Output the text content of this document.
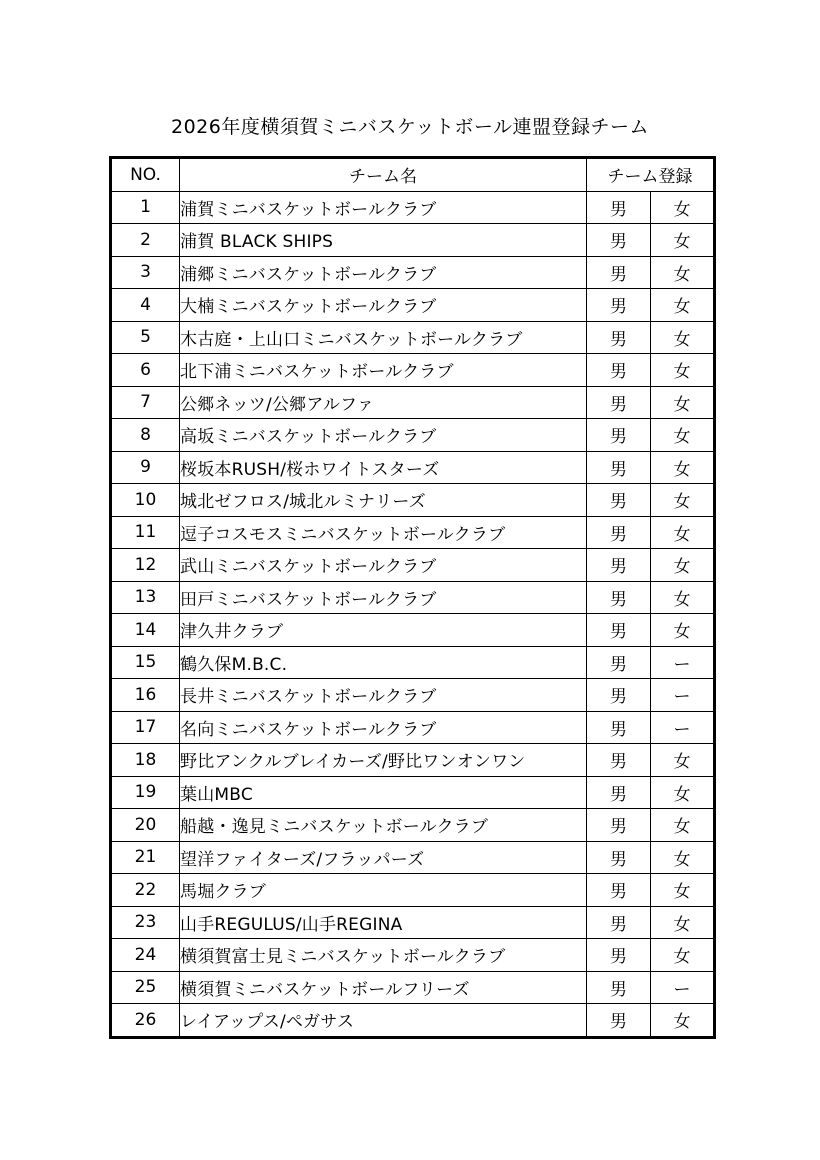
2026年度横須賀ミニバスケットボール連盟登録チーム
NO.	チーム名	チーム登録	
1	浦賀ミニバスケットボールクラブ	男	女
2	浦賀 BLACK SHIPS	男	女
3	浦郷ミニバスケットボールクラブ	男	女
4	大楠ミニバスケットボールクラブ	男	女
5	木古庭・上山口ミニバスケットボールクラブ	男	女
6	北下浦ミニバスケットボールクラブ	男	女
7	公郷ネッツ/公郷アルファ	男	女
8	高坂ミニバスケットボールクラブ	男	女
9	桜坂本RUSH/桜ホワイトスターズ	男	女
10	城北ゼフロス/城北ルミナリーズ	男	女
11	逗子コスモスミニバスケットボールクラブ	男	女
12	武山ミニバスケットボールクラブ	男	女
13	田戸ミニバスケットボールクラブ	男	女
14	津久井クラブ	男	女
15	鶴久保M.B.C.	男	ー
16	長井ミニバスケットボールクラブ	男	ー
17	名向ミニバスケットボールクラブ	男	ー
18	野比アンクルブレイカーズ/野比ワンオンワン	男	女
19	葉山MBC	男	女
20	船越・逸見ミニバスケットボールクラブ	男	女
21	望洋ファイターズ/フラッパーズ	男	女
22	馬堀クラブ	男	女
23	山手REGULUS/山手REGINA	男	女
24	横須賀富士見ミニバスケットボールクラブ	男	女
25	横須賀ミニバスケットボールフリーズ	男	ー
26	レイアップス/ペガサス	男	女
